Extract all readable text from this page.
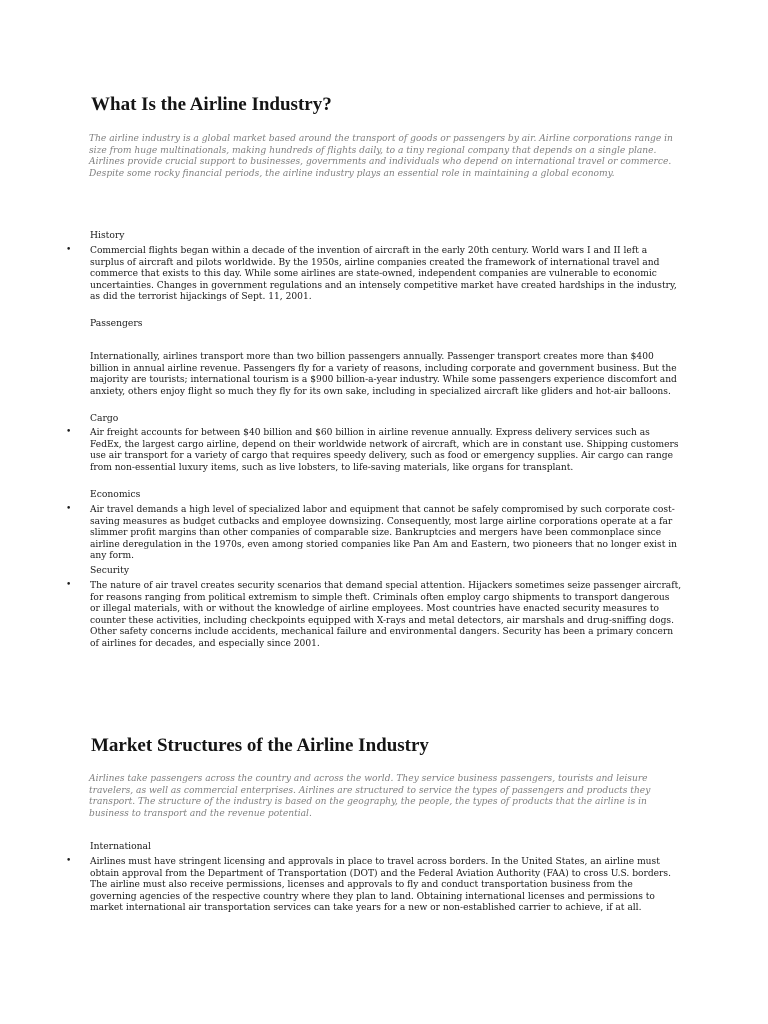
What Is the Airline Industry?

The airline industry is a global market based around the transport of goods or passengers by air. Airline corporations range in size from huge multinationals, making hundreds of flights daily, to a tiny regional company that depends on a single plane. Airlines provide crucial support to businesses, governments and individuals who depend on international travel or commerce. Despite some rocky financial periods, the airline industry plays an essential role in maintaining a global economy.

History
• Commercial flights began within a decade of the invention of aircraft in the early 20th century. World wars I and II left a surplus of aircraft and pilots worldwide. By the 1950s, airline companies created the framework of international travel and commerce that exists to this day. While some airlines are state-owned, independent companies are vulnerable to economic uncertainties. Changes in government regulations and an intensely competitive market have created hardships in the industry, as did the terrorist hijackings of Sept. 11, 2001.

Passengers

Internationally, airlines transport more than two billion passengers annually. Passenger transport creates more than $400 billion in annual airline revenue. Passengers fly for a variety of reasons, including corporate and government business. But the majority are tourists; international tourism is a $900 billion-a-year industry. While some passengers experience discomfort and anxiety, others enjoy flight so much they fly for its own sake, including in specialized aircraft like gliders and hot-air balloons.

Cargo
• Air freight accounts for between $40 billion and $60 billion in airline revenue annually. Express delivery services such as FedEx, the largest cargo airline, depend on their worldwide network of aircraft, which are in constant use. Shipping customers use air transport for a variety of cargo that requires speedy delivery, such as food or emergency supplies. Air cargo can range from non-essential luxury items, such as live lobsters, to life-saving materials, like organs for transplant.

Economics
• Air travel demands a high level of specialized labor and equipment that cannot be safely compromised by such corporate cost-saving measures as budget cutbacks and employee downsizing. Consequently, most large airline corporations operate at a far slimmer profit margins than other companies of comparable size. Bankruptcies and mergers have been commonplace since airline deregulation in the 1970s, even among storied companies like Pan Am and Eastern, two pioneers that no longer exist in any form.

Security
• The nature of air travel creates security scenarios that demand special attention. Hijackers sometimes seize passenger aircraft, for reasons ranging from political extremism to simple theft. Criminals often employ cargo shipments to transport dangerous or illegal materials, with or without the knowledge of airline employees. Most countries have enacted security measures to counter these activities, including checkpoints equipped with X-rays and metal detectors, air marshals and drug-sniffing dogs. Other safety concerns include accidents, mechanical failure and environmental dangers. Security has been a primary concern of airlines for decades, and especially since 2001.

Market Structures of the Airline Industry

Airlines take passengers across the country and across the world. They service business passengers, tourists and leisure travelers, as well as commercial enterprises. Airlines are structured to service the types of passengers and products they transport. The structure of the industry is based on the geography, the people, the types of products that the airline is in business to transport and the revenue potential.

International
• Airlines must have stringent licensing and approvals in place to travel across borders. In the United States, an airline must obtain approval from the Department of Transportation (DOT) and the Federal Aviation Authority (FAA) to cross U.S. borders. The airline must also receive permissions, licenses and approvals to fly and conduct transportation business from the governing agencies of the respective country where they plan to land. Obtaining international licenses and permissions to market international air transportation services can take years for a new or non-established carrier to achieve, if at all.
